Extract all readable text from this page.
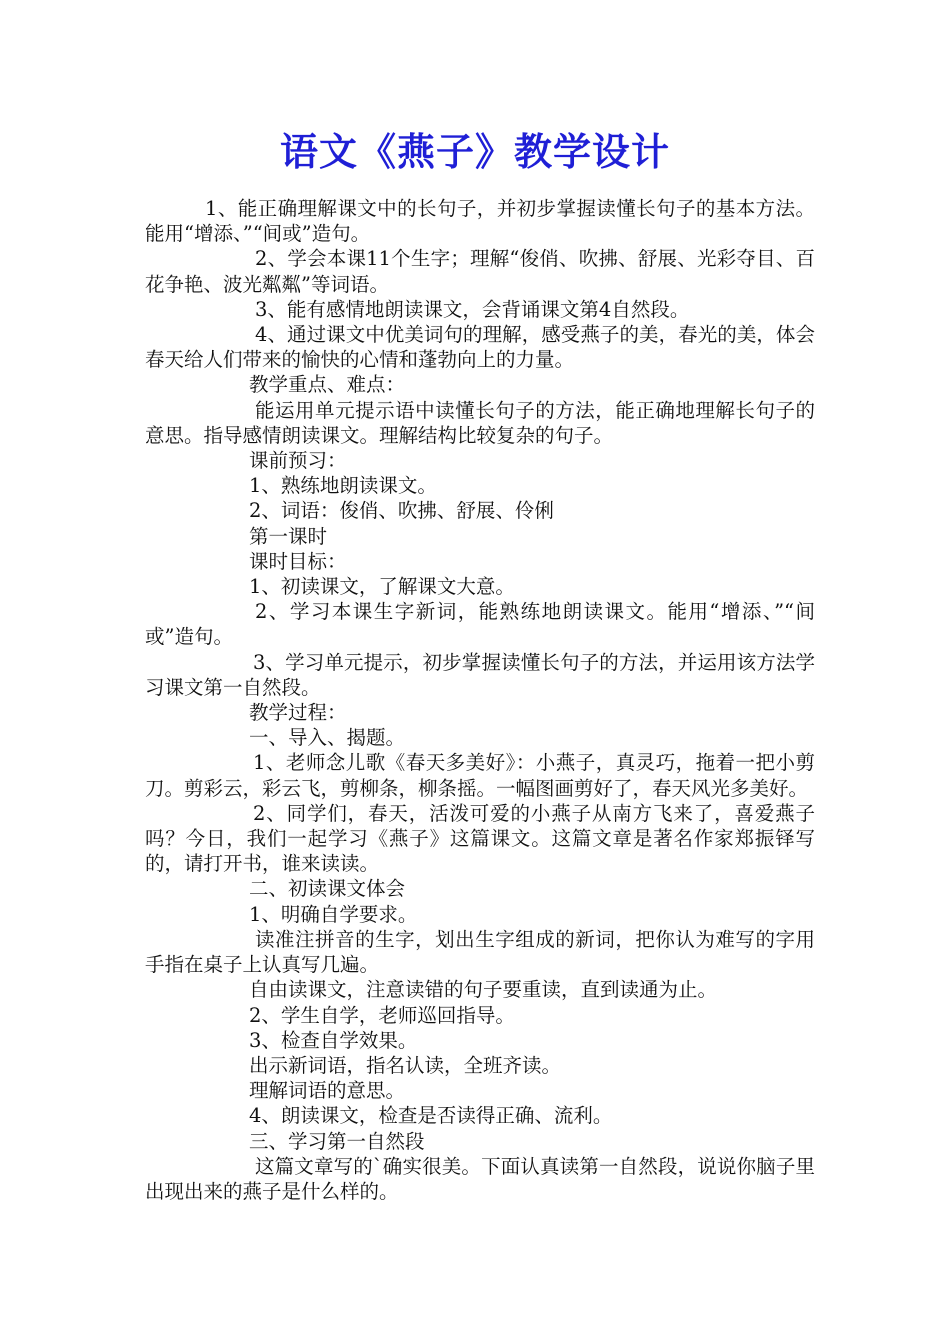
语文《燕子》教学设计

1、能正确理解课文中的长句子，并初步掌握读懂长句子的基本方法。能用“增添、”“间或”造句。

2、学会本课11个生字；理解“俊俏、吹拂、舒展、光彩夺目、百花争艳、波光粼粼”等词语。

3、能有感情地朗读课文，会背诵课文第4自然段。

4、通过课文中优美词句的理解，感受燕子的美，春光的美，体会春天给人们带来的愉快的心情和蓬勃向上的力量。

教学重点、难点：

能运用单元提示语中读懂长句子的方法，能正确地理解长句子的意思。指导感情朗读课文。理解结构比较复杂的句子。

课前预习：

1、熟练地朗读课文。

2、词语：俊俏、吹拂、舒展、伶俐

第一课时

课时目标：

1、初读课文，了解课文大意。

2、学习本课生字新词，能熟练地朗读课文。能用“增添、”“间或”造句。

3、学习单元提示，初步掌握读懂长句子的方法，并运用该方法学习课文第一自然段。

教学过程：

一、导入、揭题。

1、老师念儿歌《春天多美好》：小燕子，真灵巧，拖着一把小剪刀。剪彩云，彩云飞，剪柳条，柳条摇。一幅图画剪好了，春天风光多美好。

2、同学们，春天，活泼可爱的小燕子从南方飞来了，喜爱燕子吗？今日，我们一起学习《燕子》这篇课文。这篇文章是著名作家郑振铎写的，请打开书，谁来读读。

二、初读课文体会

1、明确自学要求。

读准注拼音的生字，划出生字组成的新词，把你认为难写的字用手指在桌子上认真写几遍。

自由读课文，注意读错的句子要重读，直到读通为止。

2、学生自学，老师巡回指导。

3、检查自学效果。

出示新词语，指名认读，全班齐读。

理解词语的意思。

4、朗读课文，检查是否读得正确、流利。

三、学习第一自然段

这篇文章写的`确实很美。下面认真读第一自然段，说说你脑子里出现出来的燕子是什么样的。
